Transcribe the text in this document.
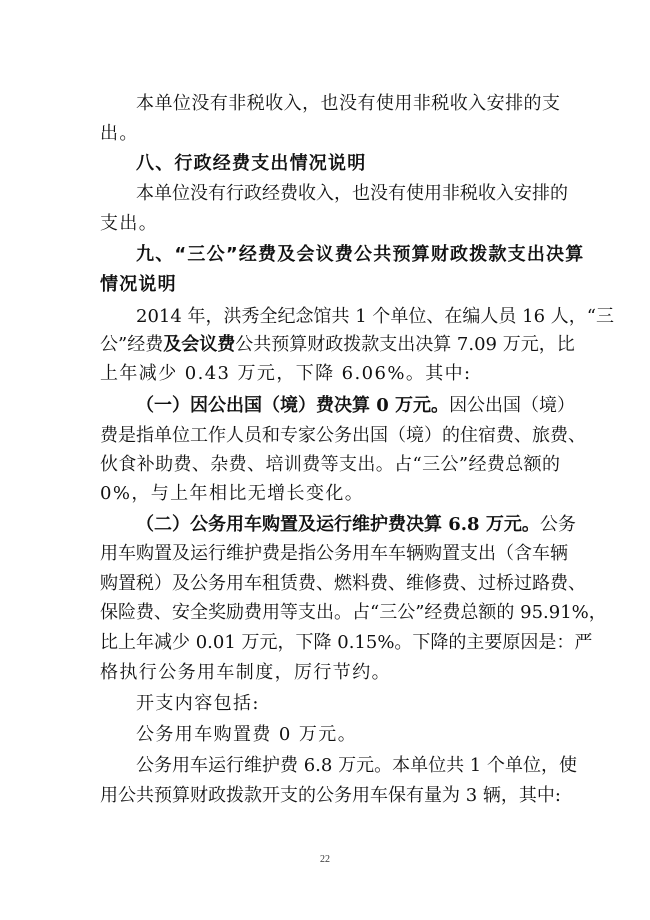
本单位没有非税收入，也没有使用非税收入安排的支
出。
八、行政经费支出情况说明
本单位没有行政经费收入，也没有使用非税收入安排的
支出。
九、“三公”经费及会议费公共预算财政拨款支出决算
情况说明
2014 年，洪秀全纪念馆共 1 个单位、在编人员 16 人，“三
公”经费及会议费公共预算财政拨款支出决算 7.09 万元，比
上年减少 0.43 万元，下降 6.06%。其中:
（一）因公出国（境）费决算 0 万元。因公出国（境）
费是指单位工作人员和专家公务出国（境）的住宿费、旅费、
伙食补助费、杂费、培训费等支出。占“三公”经费总额的
0%，与上年相比无增长变化。
（二）公务用车购置及运行维护费决算 6.8 万元。公务
用车购置及运行维护费是指公务用车车辆购置支出（含车辆
购置税）及公务用车租赁费、燃料费、维修费、过桥过路费、
保险费、安全奖励费用等支出。占“三公”经费总额的 95.91%，
比上年减少 0.01 万元，下降 0.15%。下降的主要原因是：严
格执行公务用车制度，厉行节约。
开支内容包括:
公务用车购置费 0 万元。
公务用车运行维护费 6.8 万元。本单位共 1 个单位，使
用公共预算财政拨款开支的公务用车保有量为 3 辆，其中:
22
